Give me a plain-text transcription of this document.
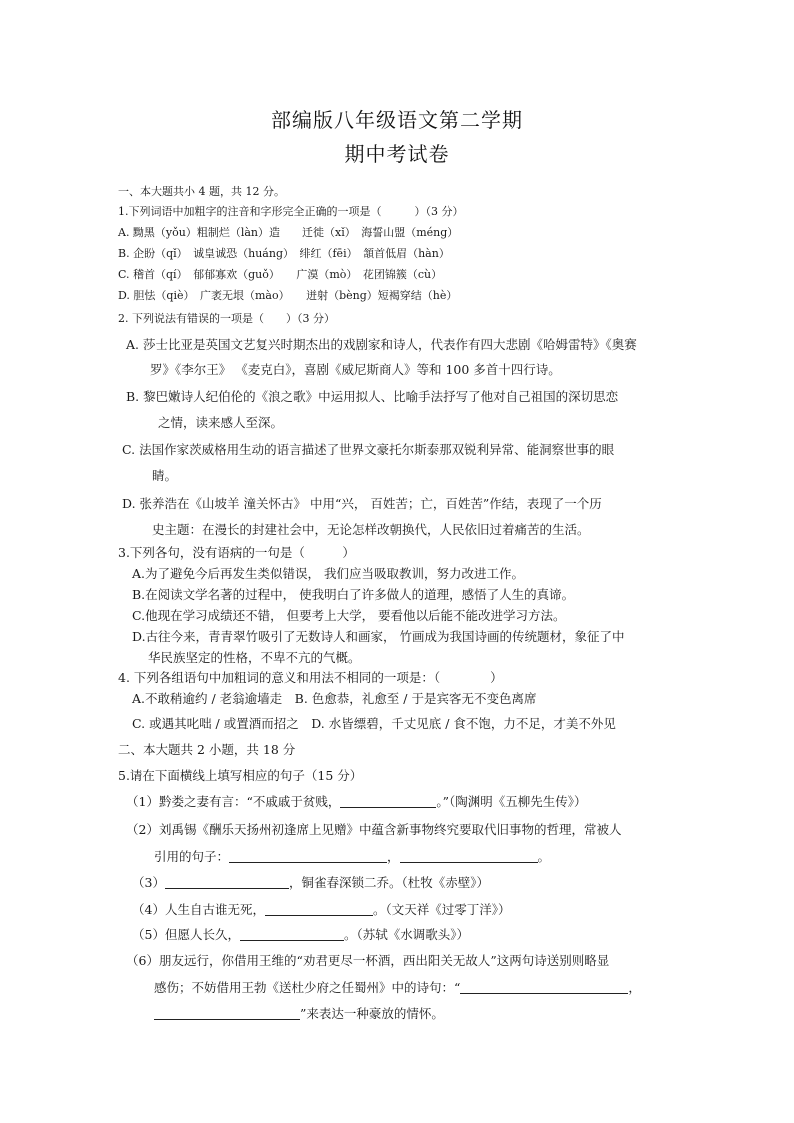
部编版八年级语文第二学期
期中考试卷
一、本大题共小 4 题，共 12 分。
1.下列词语中加粗字的注音和字形完全正确的一项是（　　　）（3 分）
A. 黝黑（yǒu）粗制烂（làn）造　　迁徙（xǐ）　海誓山盟（méng）
B. 企盼（qǐ）　诚皇诚恐（huáng）　绯红（fēi）　頷首低眉（hàn）
C. 稽首（qí）　郁郁寡欢（guǒ）　　广漠（mò）　花团锦簇（cù）
D. 胆怯（qiè）　广袤无垠（mào）　　迸射（bèng）短褐穿结（hè）
2. 下列说法有错误的一项是（　　）（3 分）
A. 莎士比亚是英国文艺复兴时期杰出的戏剧家和诗人，代表作有四大悲剧《哈姆雷特》《奥赛
罗》《李尔王》 《麦克白》，喜剧《威尼斯商人》等和 100 多首十四行诗。
B. 黎巴嫩诗人纪伯伦的《浪之歌》中运用拟人、比喻手法抒写了他对自己祖国的深切思恋
之情，读来感人至深。
C. 法国作家茨威格用生动的语言描述了世界文豪托尔斯泰那双锐利异常、能洞察世事的眼
睛。
D. 张养浩在《山坡羊 潼关怀古》 中用“兴， 百姓苦；亡，百姓苦”作结，表现了一个历
史主题：在漫长的封建社会中，无论怎样改朝换代，人民依旧过着痛苦的生活。
3.下列各句，没有语病的一句是（　　　）
A.为了避免今后再发生类似错误， 我们应当吸取教训，努力改进工作。
B.在阅读文学名著的过程中， 使我明白了许多做人的道理，感悟了人生的真谛。
C.他现在学习成绩还不错， 但要考上大学， 要看他以后能不能改进学习方法。
D.古往今来，青青翠竹吸引了无数诗人和画家， 竹画成为我国诗画的传统题材，象征了中
华民族坚定的性格，不卑不亢的气概。
4. 下列各组语句中加粗词的意义和用法不相同的一项是：（　　　　）
A.不敢稍逾约 / 老翁逾墙走　B. 色愈恭，礼愈至 / 于是宾客无不变色离席
C. 或遇其叱咄 / 或置酒而招之　D. 水皆缥碧，千丈见底 / 食不饱，力不足，才美不外见
二、本大题共 2 小题，共 18 分
5.请在下面横线上填写相应的句子（15 分）
（1）黔娄之妻有言：“不戚戚于贫贱，	。”（陶渊明《五柳先生传》）
（2）刘禹锡《酬乐天扬州初逢席上见赠》中蕴含新事物终究要取代旧事物的哲理，常被人
引用的句子：	，	。
（3）	，铜雀春深锁二乔。（杜牧《赤壁》）
（4）人生自古谁无死，	。（文天祥《过零丁洋》）
（5）但愿人长久，	。（苏轼《水调歌头》）
（6）朋友远行，你借用王维的“劝君更尽一杯酒，西出阳关无故人”这两句诗送别则略显
感伤；不妨借用王勃《送杜少府之任蜀州》中的诗句：“	，
”来表达一种豪放的情怀。
